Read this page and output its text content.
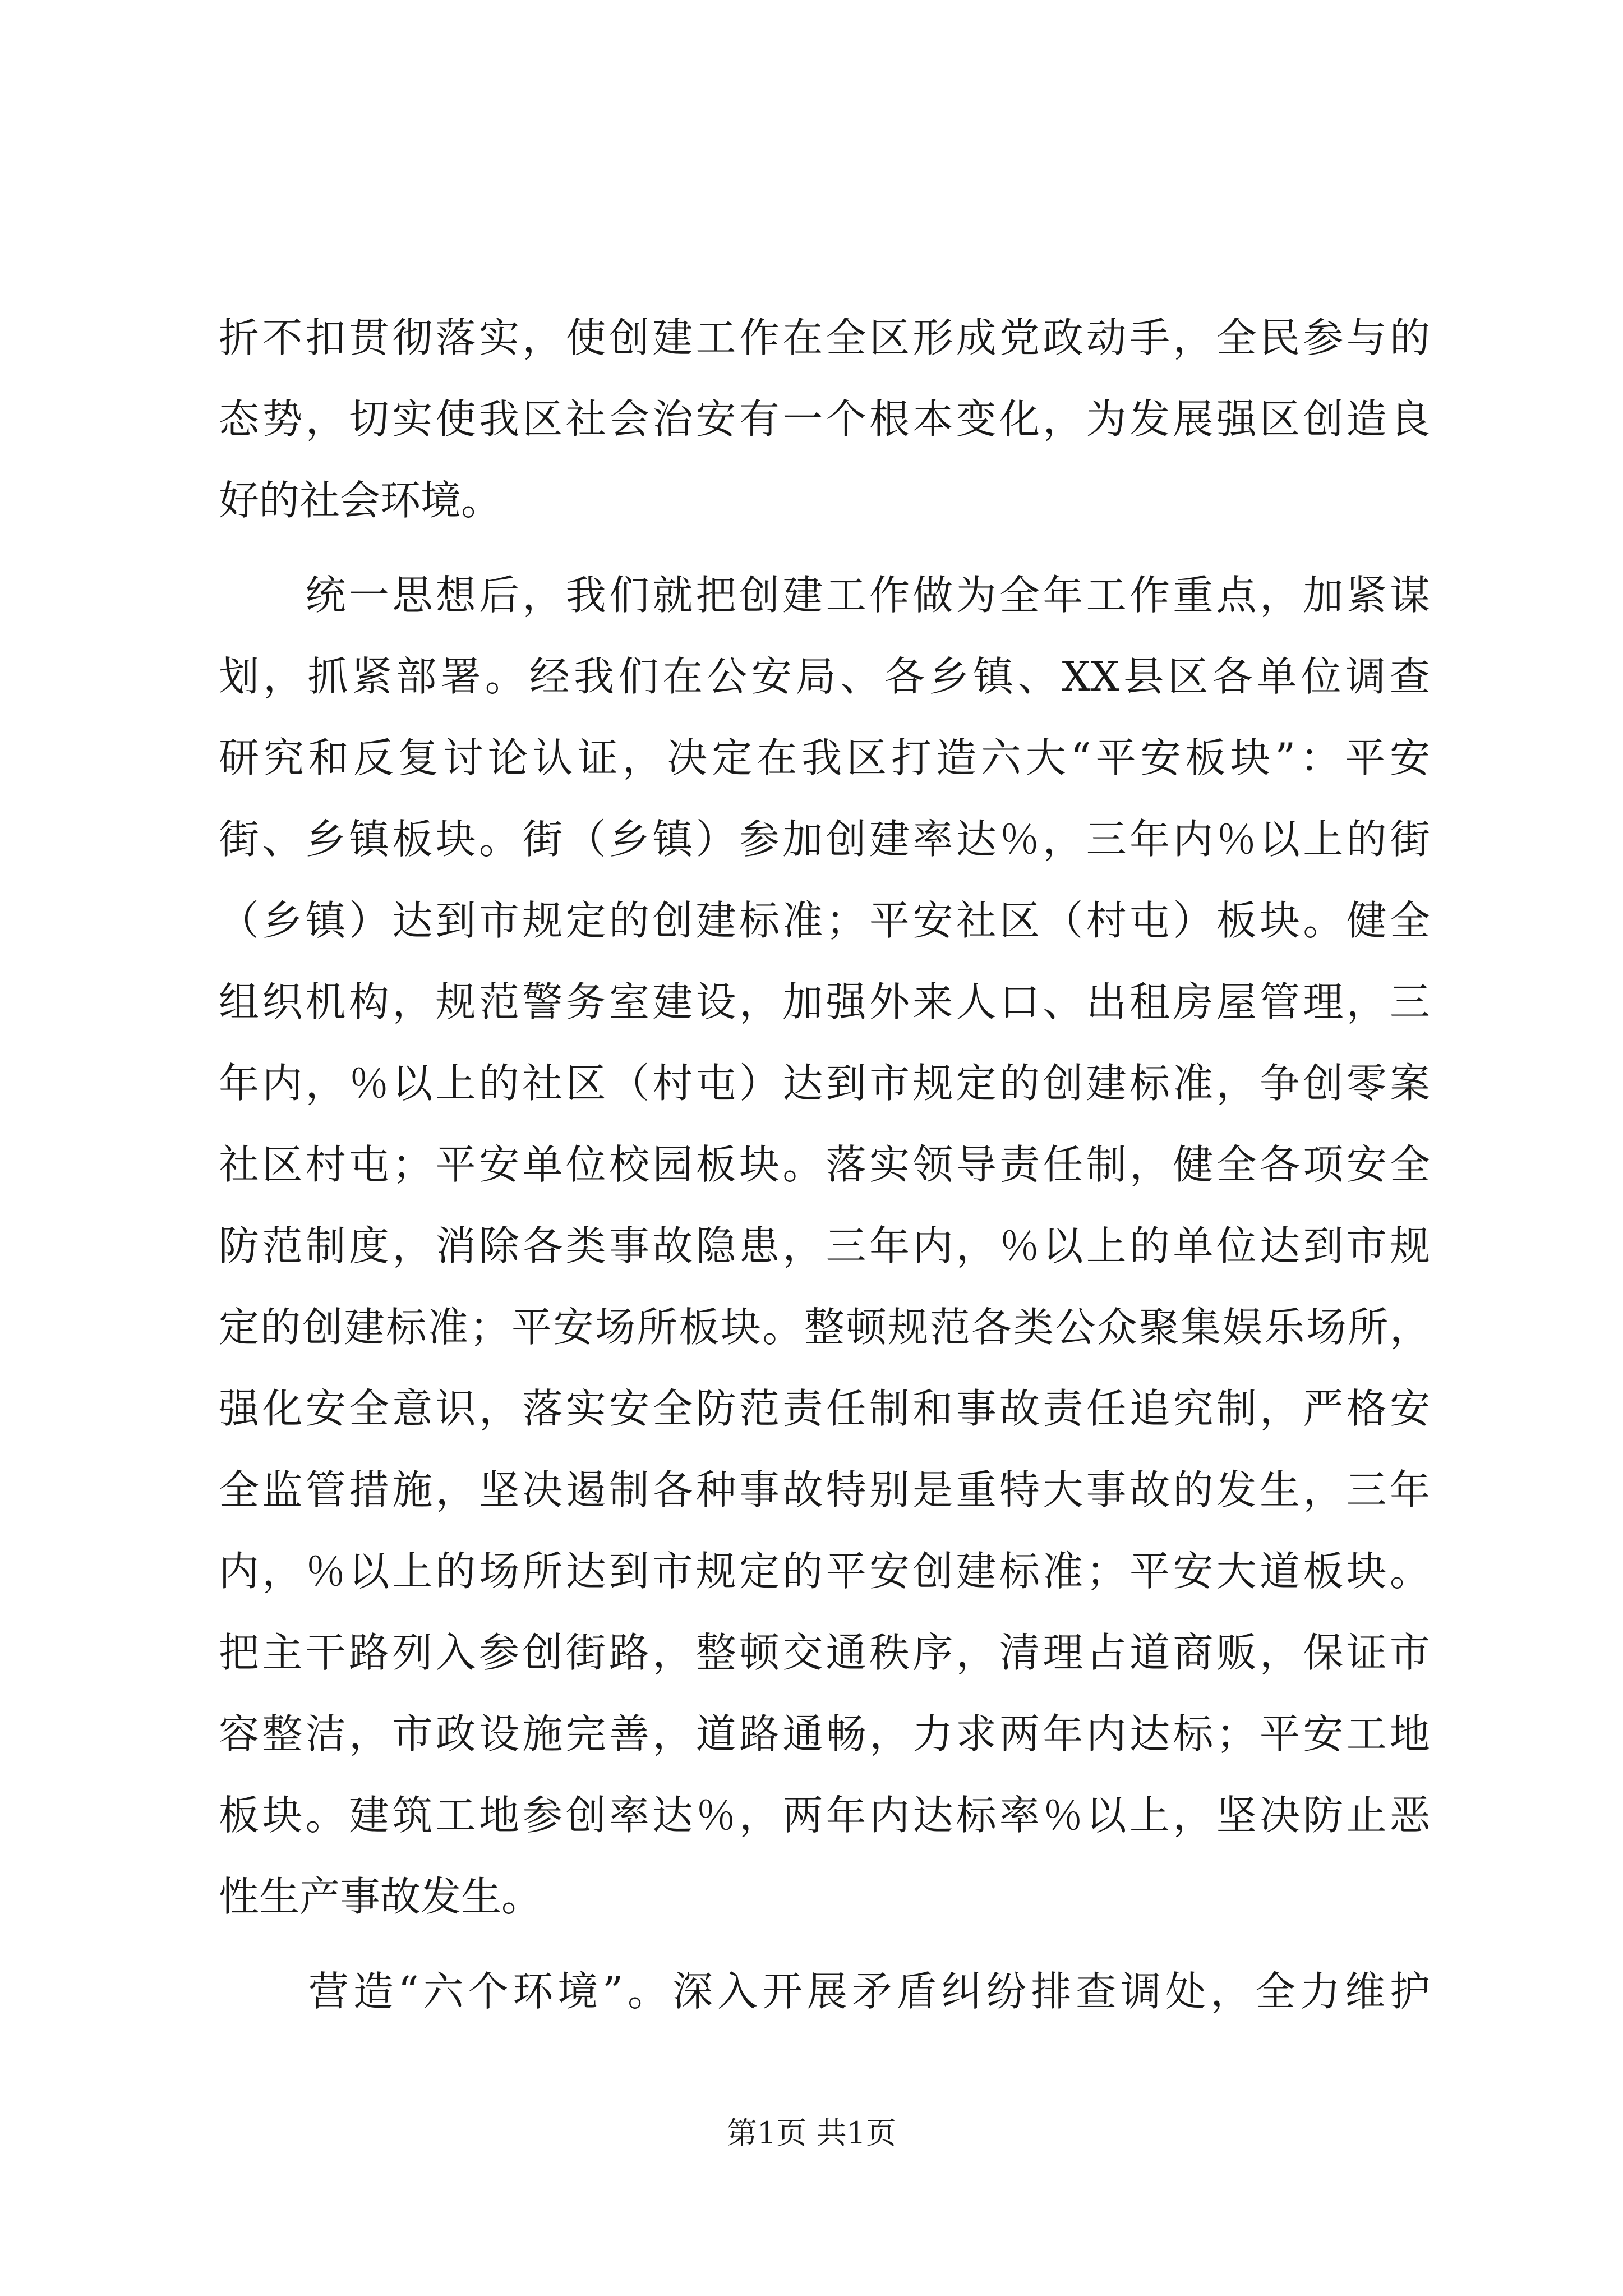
折不扣贯彻落实，使创建工作在全区形成党政动手，全民参与的
态势，切实使我区社会治安有一个根本变化，为发展强区创造良
好的社会环境。
　　统一思想后，我们就把创建工作做为全年工作重点，加紧谋
划，抓紧部署。经我们在公安局、各乡镇、XX县区各单位调查
研究和反复讨论认证，决定在我区打造六大“平安板块”：平安
街、乡镇板块。街（乡镇）参加创建率达％，三年内％以上的街
（乡镇）达到市规定的创建标准；平安社区（村屯）板块。健全
组织机构，规范警务室建设，加强外来人口、出租房屋管理，三
年内，％以上的社区（村屯）达到市规定的创建标准，争创零案
社区村屯；平安单位校园板块。落实领导责任制，健全各项安全
防范制度，消除各类事故隐患，三年内，％以上的单位达到市规
定的创建标准；平安场所板块。整顿规范各类公众聚集娱乐场所，
强化安全意识，落实安全防范责任制和事故责任追究制，严格安
全监管措施，坚决遏制各种事故特别是重特大事故的发生，三年
内，％以上的场所达到市规定的平安创建标准；平安大道板块。
把主干路列入参创街路，整顿交通秩序，清理占道商贩，保证市
容整洁，市政设施完善，道路通畅，力求两年内达标；平安工地
板块。建筑工地参创率达％，两年内达标率％以上，坚决防止恶
性生产事故发生。
　　营造“六个环境”。深入开展矛盾纠纷排查调处，全力维护
第1页 共1页
